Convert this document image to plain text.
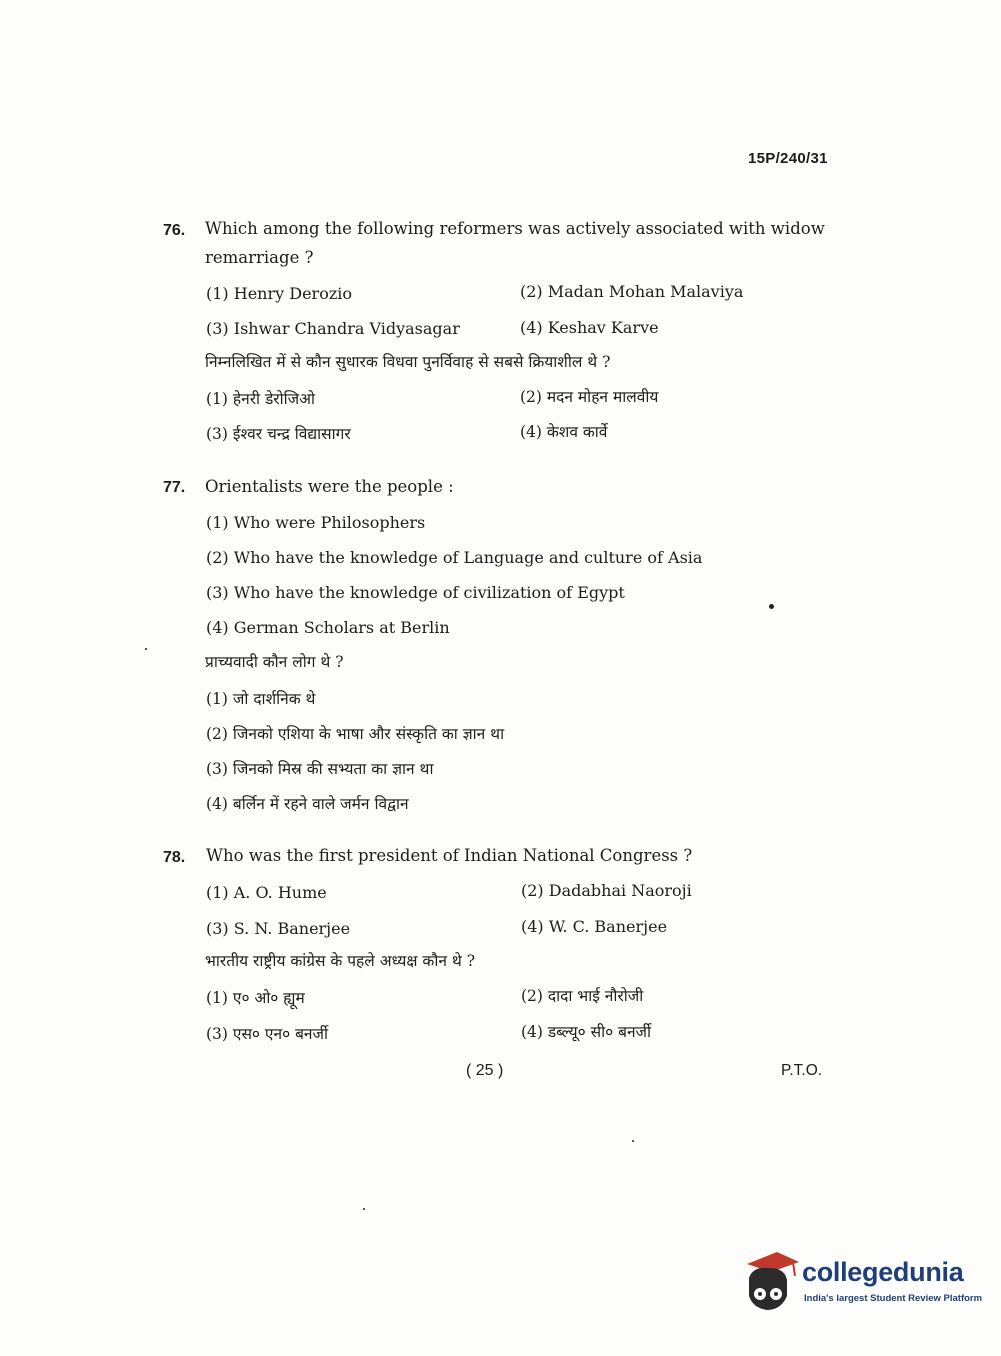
15P/240/31
76. Which among the following reformers was actively associated with widow
remarriage ?
(1) Henry Derozio	(2) Madan Mohan Malaviya
(3) Ishwar Chandra Vidyasagar	(4) Keshav Karve
निम्नलिखित में से कौन सुधारक विधवा पुनर्विवाह से सबसे क्रियाशील थे ?
(1) हेनरी डेरोजिओ	(2) मदन मोहन मालवीय
(3) ईश्वर चन्द्र विद्यासागर	(4) केशव कार्वे
77. Orientalists were the people :
(1) Who were Philosophers
(2) Who have the knowledge of Language and culture of Asia
(3) Who have the knowledge of civilization of Egypt
(4) German Scholars at Berlin
प्राच्यवादी कौन लोग थे ?
(1) जो दार्शनिक थे
(2) जिनको एशिया के भाषा और संस्कृति का ज्ञान था
(3) जिनको मिस्र की सभ्यता का ज्ञान था
(4) बर्लिन में रहने वाले जर्मन विद्वान
78. Who was the first president of Indian National Congress ?
(1) A. O. Hume	(2) Dadabhai Naoroji
(3) S. N. Banerjee	(4) W. C. Banerjee
भारतीय राष्ट्रीय कांग्रेस के पहले अध्यक्ष कौन थे ?
(1) ए० ओ० ह्यूम	(2) दादा भाई नौरोजी
(3) एस० एन० बनर्जी	(4) डब्ल्यू० सी० बनर्जी
( 25 )	P.T.O.
collegedunia
India's largest Student Review Platform
